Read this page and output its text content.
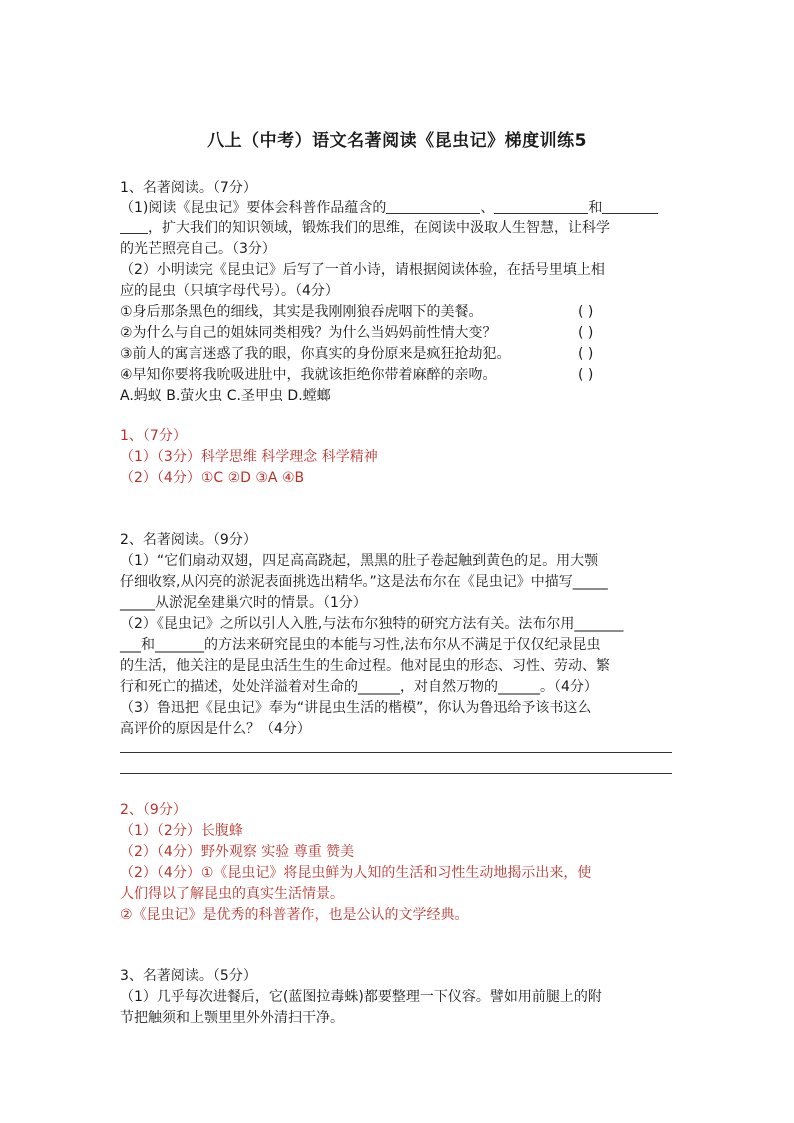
八上（中考）语文名著阅读《昆虫记》梯度训练5
1、名著阅读。（7分）
（1)阅读《昆虫记》要体会科普作品蕴含的	、	和
，扩大我们的知识领域，锻炼我们的思维，在阅读中汲取人生智慧，让科学
的光芒照亮自己。（3分）
（2）小明读完《昆虫记》后写了一首小诗，请根据阅读体验，在括号里填上相
应的昆虫（只填字母代号）。（4分）
①身后那条黑色的细线，其实是我刚刚狼吞虎咽下的美餐。	( )
②为什么与自己的姐妹同类相残？为什么当妈妈前性情大变？	( )
③前人的寓言迷惑了我的眼，你真实的身份原来是疯狂抢劫犯。	( )
④早知你要将我吮吸进肚中，我就该拒绝你带着麻醉的亲吻。	( )
A.蚂蚁 B.萤火虫 C.圣甲虫 D.螳螂
1、（7分）
（1）（3分）科学思维 科学理念 科学精神
（2）（4分）①C ②D ③A ④B
2、名著阅读。（9分）
（1）“它们扇动双翅，四足高高跷起，黑黑的肚子卷起触到黄色的足。用大颚
仔细收察,从闪亮的淤泥表面挑选出精华。”这是法布尔在《昆虫记》中描写_____
_____从淤泥垒建巢穴时的情景。（1分）
（2）《昆虫记》之所以引人入胜,与法布尔独特的研究方法有关。法布尔用_______
___和_______的方法来研究昆虫的本能与习性,法布尔从不满足于仅仅纪录昆虫
的生活，他关注的是昆虫活生生的生命过程。他对昆虫的形态、习性、劳动、繁
行和死亡的描述，处处洋溢着对生命的______，对自然万物的______。（4分）
（3）鲁迅把《昆虫记》奉为“讲昆虫生活的楷模”，你认为鲁迅给予该书这么
高评价的原因是什么？（4分）
2、（9分）
（1）（2分）长腹蜂
（2）（4分）野外观察 实验 尊重 赞美
（2）（4分）①《昆虫记》将昆虫鲜为人知的生活和习性生动地揭示出来，使
人们得以了解昆虫的真实生活情景。
②《昆虫记》是优秀的科普著作，也是公认的文学经典。
3、名著阅读。（5分）
（1）几乎每次进餐后，它(蓝图拉毒蛛)都要整理一下仪容。譬如用前腿上的附
节把触须和上颚里里外外清扫干净。
